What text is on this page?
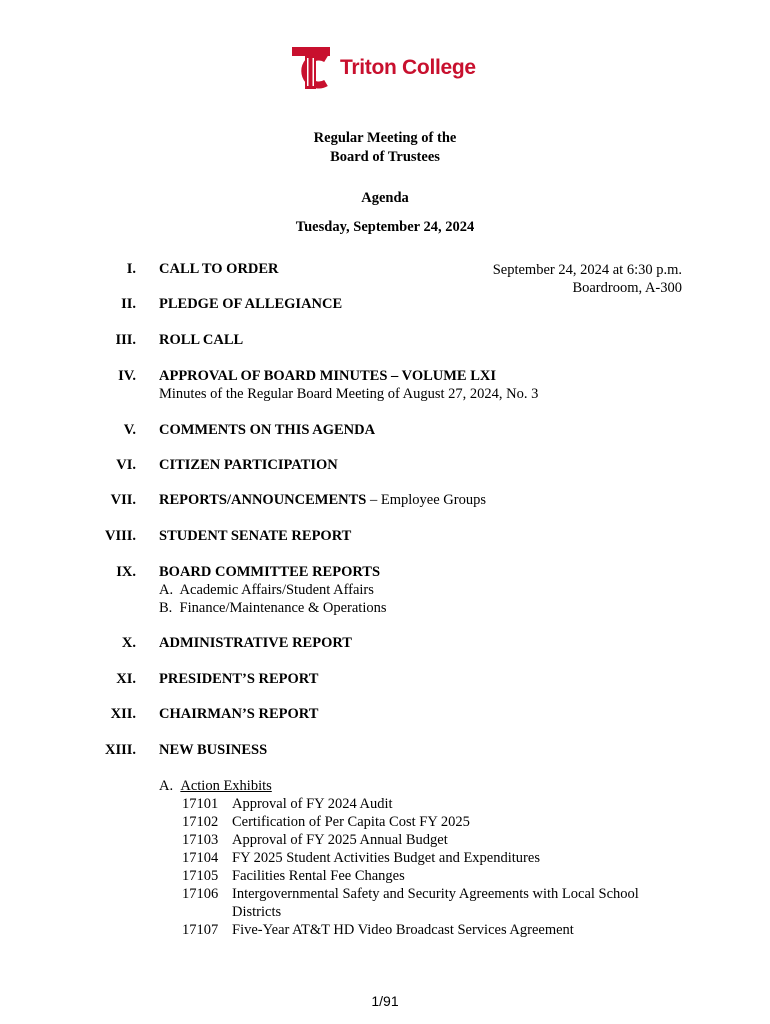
Triton College
Regular Meeting of the
Board of Trustees
Agenda
Tuesday, September 24, 2024
September 24, 2024 at 6:30 p.m.
Boardroom, A-300
I. CALL TO ORDER
II. PLEDGE OF ALLEGIANCE
III. ROLL CALL
IV. APPROVAL OF BOARD MINUTES – VOLUME LXI
Minutes of the Regular Board Meeting of August 27, 2024, No. 3
V. COMMENTS ON THIS AGENDA
VI. CITIZEN PARTICIPATION
VII. REPORTS/ANNOUNCEMENTS – Employee Groups
VIII. STUDENT SENATE REPORT
IX. BOARD COMMITTEE REPORTS
A.  Academic Affairs/Student Affairs
B.  Finance/Maintenance & Operations
X. ADMINISTRATIVE REPORT
XI. PRESIDENT’S REPORT
XII. CHAIRMAN’S REPORT
XIII. NEW BUSINESS
A. Action Exhibits
17101 Approval of FY 2024 Audit
17102 Certification of Per Capita Cost FY 2025
17103 Approval of FY 2025 Annual Budget
17104 FY 2025 Student Activities Budget and Expenditures
17105 Facilities Rental Fee Changes
17106 Intergovernmental Safety and Security Agreements with Local School
Districts
17107 Five-Year AT&T HD Video Broadcast Services Agreement
1/91
